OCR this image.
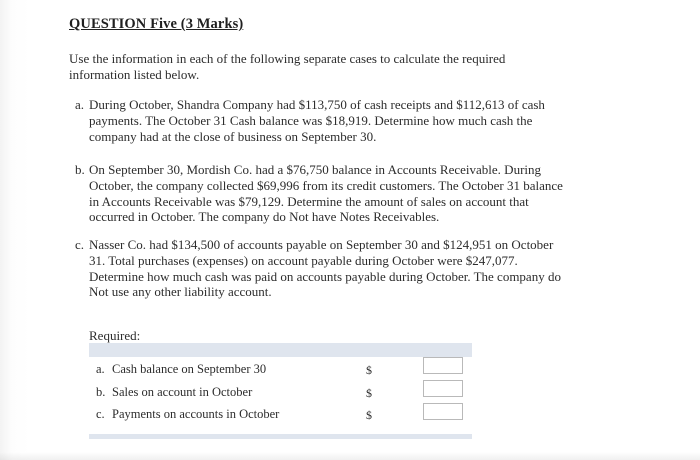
QUESTION Five (3 Marks)
Use the information in each of the following separate cases to calculate the required information listed below.
a. During October, Shandra Company had $113,750 of cash receipts and $112,613 of cash payments. The October 31 Cash balance was $18,919. Determine how much cash the company had at the close of business on September 30.
b. On September 30, Mordish Co. had a $76,750 balance in Accounts Receivable. During October, the company collected $69,996 from its credit customers. The October 31 balance in Accounts Receivable was $79,129. Determine the amount of sales on account that occurred in October. The company do Not have Notes Receivables.
c. Nasser Co. had $134,500 of accounts payable on September 30 and $124,951 on October 31. Total purchases (expenses) on account payable during October were $247,077. Determine how much cash was paid on accounts payable during October. The company do Not use any other liability account.
Required:
a. Cash balance on September 30	$
b. Sales on account in October	$
c. Payments on accounts in October	$
